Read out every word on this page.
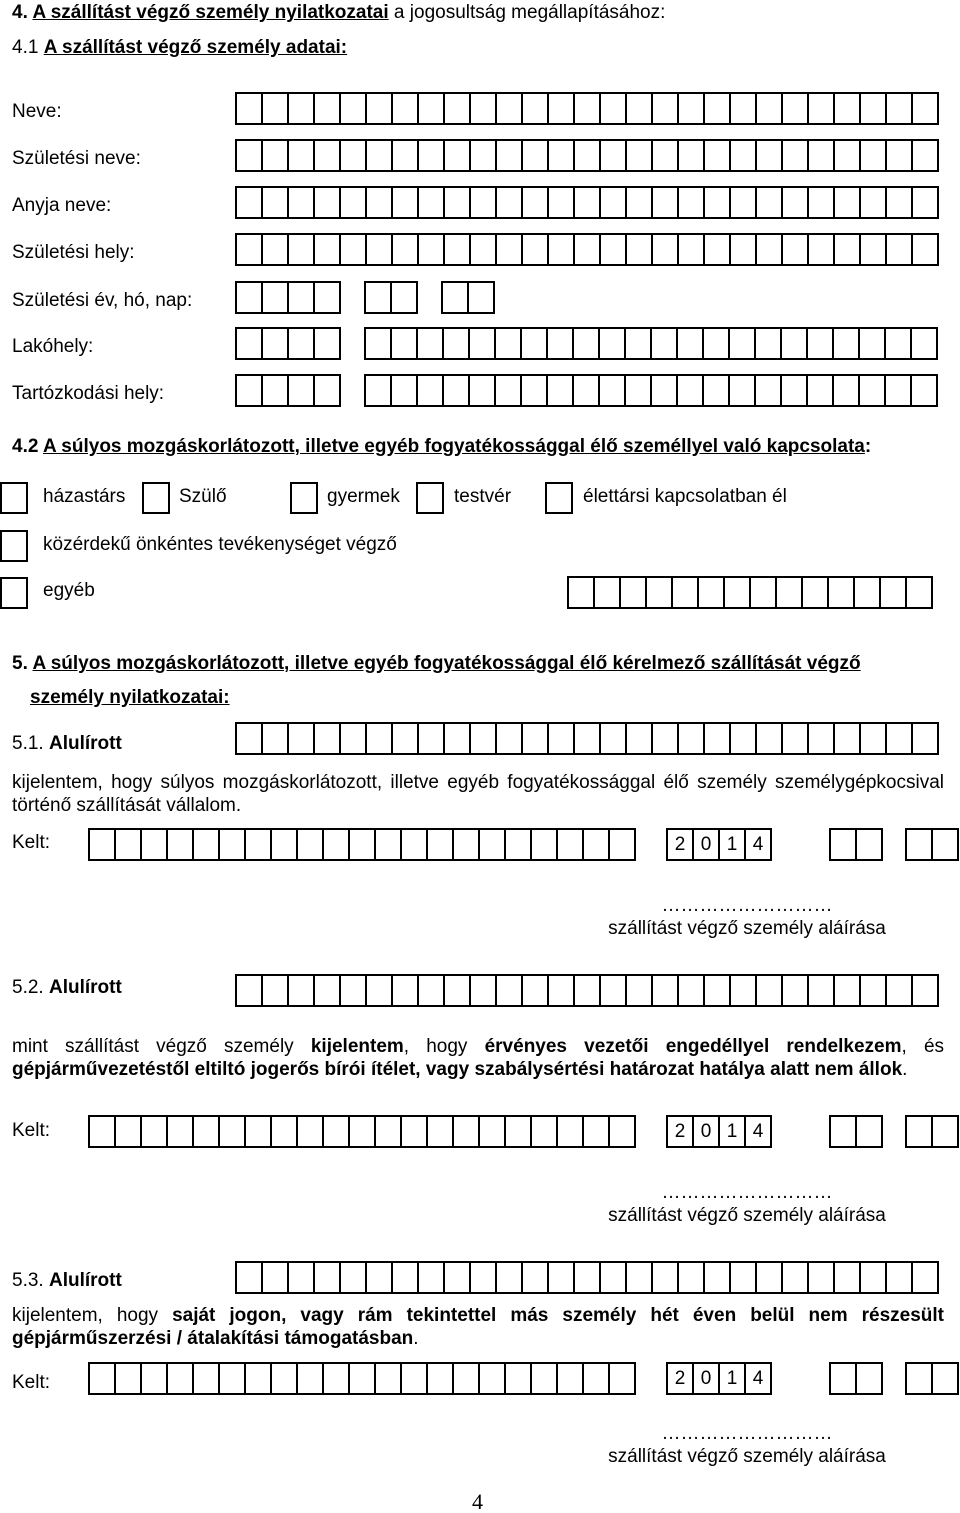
4. A szállítást végző személy nyilatkozatai a jogosultság megállapításához:
4.1 A szállítást végző személy adatai:
Neve:
Születési neve:
Anyja neve:
Születési hely:
Születési év, hó, nap:
Lakóhely:
Tartózkodási hely:
4.2 A súlyos mozgáskorlátozott, illetve egyéb fogyatékossággal élő személlyel való kapcsolata:
házastárs	Szülő	gyermek	testvér	élettársi kapcsolatban él
közérdekű önkéntes tevékenységet végző
egyéb
5. A súlyos mozgáskorlátozott, illetve egyéb fogyatékossággal élő kérelmező szállítását végző
személy nyilatkozatai:
5.1. Alulírott
kijelentem, hogy súlyos mozgáskorlátozott, illetve egyéb fogyatékossággal élő személy személygépkocsival történő szállítását vállalom.
Kelt:	2 0 1 4
………………………
szállítást végző személy aláírása
5.2. Alulírott
mint szállítást végző személy kijelentem, hogy érvényes vezetői engedéllyel rendelkezem, és gépjárművezetéstől eltiltó jogerős bírói ítélet, vagy szabálysértési határozat hatálya alatt nem állok.
Kelt:	2 0 1 4
………………………
szállítást végző személy aláírása
5.3. Alulírott
kijelentem, hogy saját jogon, vagy rám tekintettel más személy hét éven belül nem részesült gépjárműszerzési / átalakítási támogatásban.
Kelt:	2 0 1 4
………………………
szállítást végző személy aláírása
4
